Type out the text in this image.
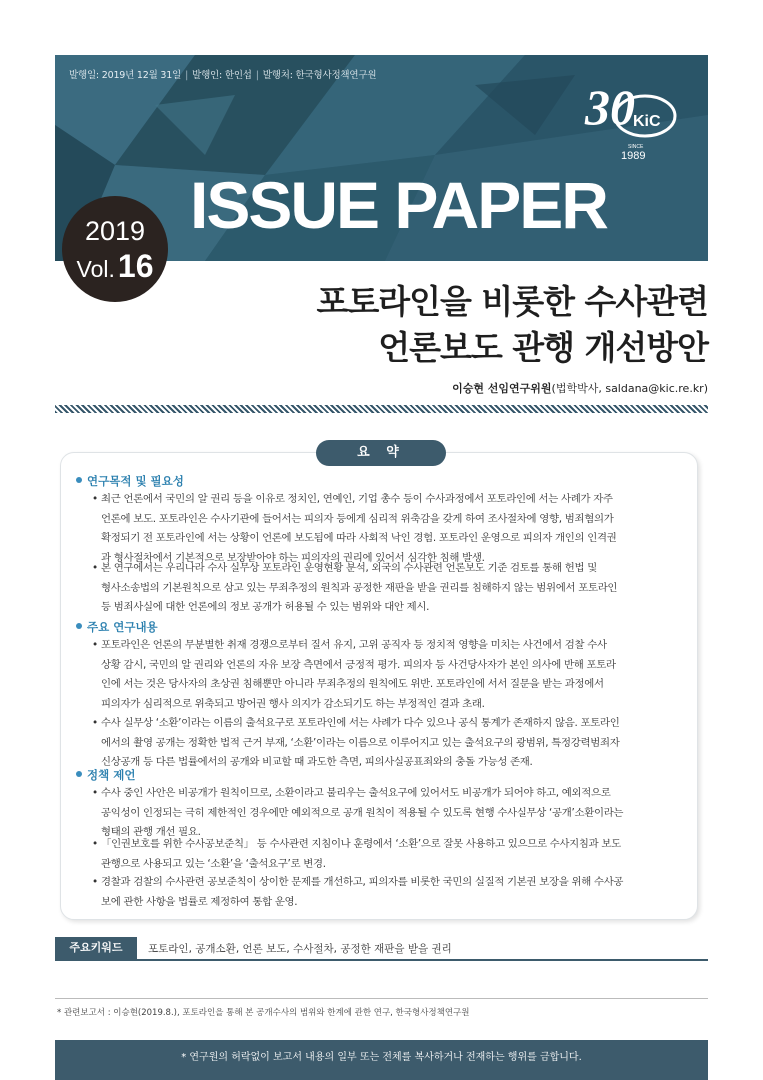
발행일: 2019년 12월 31일 | 발행인: 한인섭 | 발행처: 한국형사정책연구원
30
KiC
SINCE
1989
ISSUE PAPER
2019
Vol.16
포토라인을 비롯한 수사관련
언론보도 관행 개선방안
이승현 선임연구위원(법학박사, saldana@kic.re.kr)
요 약
연구목적 및 필요성
• 최근 언론에서 국민의 알 권리 등을 이유로 정치인, 연예인, 기업 총수 등이 수사과정에서 포토라인에 서는 사례가 자주
언론에 보도. 포토라인은 수사기관에 들어서는 피의자 등에게 심리적 위축감을 갖게 하여 조사절차에 영향, 범죄혐의가
확정되기 전 포토라인에 서는 상황이 언론에 보도됨에 따라 사회적 낙인 경험. 포토라인 운영으로 피의자 개인의 인격권
과 형사절차에서 기본적으로 보장받아야 하는 피의자의 권리에 있어서 심각한 침해 발생.
• 본 연구에서는 우리나라 수사 실무상 포토라인 운영현황 분석, 외국의 수사관련 언론보도 기준 검토를 통해 헌법 및
형사소송법의 기본원칙으로 삼고 있는 무죄추정의 원칙과 공정한 재판을 받을 권리를 침해하지 않는 범위에서 포토라인
등 범죄사실에 대한 언론에의 정보 공개가 허용될 수 있는 범위와 대안 제시.
주요 연구내용
• 포토라인은 언론의 무분별한 취재 경쟁으로부터 질서 유지, 고위 공직자 등 정치적 영향을 미치는 사건에서 검찰 수사
상황 감시, 국민의 알 권리와 언론의 자유 보장 측면에서 긍정적 평가. 피의자 등 사건당사자가 본인 의사에 반해 포토라
인에 서는 것은 당사자의 초상권 침해뿐만 아니라 무죄추정의 원칙에도 위반. 포토라인에 서서 질문을 받는 과정에서
피의자가 심리적으로 위축되고 방어권 행사 의지가 감소되기도 하는 부정적인 결과 초래.
• 수사 실무상 ‘소환’이라는 이름의 출석요구로 포토라인에 서는 사례가 다수 있으나 공식 통계가 존재하지 않음. 포토라인
에서의 촬영 공개는 정확한 법적 근거 부재, ‘소환’이라는 이름으로 이루어지고 있는 출석요구의 광범위, 특정강력범죄자
신상공개 등 다른 법률에서의 공개와 비교할 때 과도한 측면, 피의사실공표죄와의 충돌 가능성 존재.
정책 제언
• 수사 중인 사안은 비공개가 원칙이므로, 소환이라고 불리우는 출석요구에 있어서도 비공개가 되어야 하고, 예외적으로
공익성이 인정되는 극히 제한적인 경우에만 예외적으로 공개 원칙이 적용될 수 있도록 현행 수사실무상 ‘공개’소환이라는
형태의 관행 개선 필요.
• 「인권보호를 위한 수사공보준칙」 등 수사관련 지침이나 훈령에서 ‘소환’으로 잘못 사용하고 있으므로 수사지침과 보도
관행으로 사용되고 있는 ‘소환’을 ‘출석요구’로 변경.
• 경찰과 검찰의 수사관련 공보준칙이 상이한 문제를 개선하고, 피의자를 비롯한 국민의 실질적 기본권 보장을 위해 수사공
보에 관한 사항을 법률로 제정하여 통합 운영.
주요키워드	포토라인, 공개소환, 언론 보도, 수사절차, 공정한 재판을 받을 권리
* 관련보고서 : 이승현(2019.8.), 포토라인을 통해 본 공개수사의 범위와 한계에 관한 연구, 한국형사정책연구원
* 연구원의 허락없이 보고서 내용의 일부 또는 전체를 복사하거나 전재하는 행위를 금합니다.
